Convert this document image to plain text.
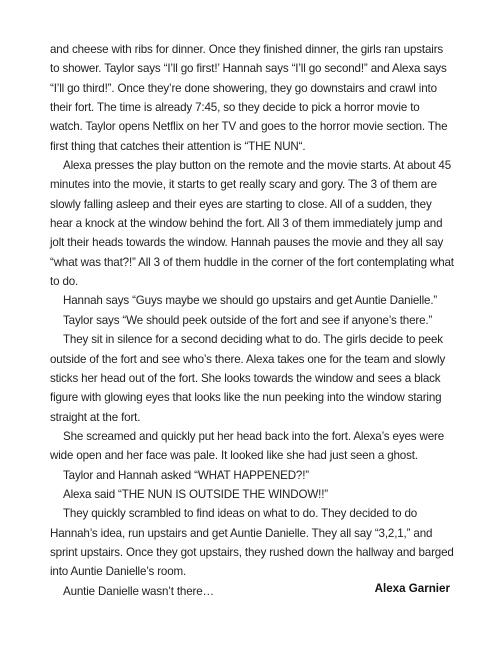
and cheese with ribs for dinner. Once they finished dinner, the girls ran upstairs to shower. Taylor says “I’ll go first!’ Hannah says “I’ll go second!” and Alexa says “I’ll go third!”. Once they’re done showering, they go downstairs and crawl into their fort. The time is already 7:45, so they decide to pick a horror movie to watch. Taylor opens Netflix on her TV and goes to the horror movie section. The first thing that catches their attention is “THE NUN“.

Alexa presses the play button on the remote and the movie starts. At about 45 minutes into the movie, it starts to get really scary and gory. The 3 of them are slowly falling asleep and their eyes are starting to close. All of a sudden, they hear a knock at the window behind the fort. All 3 of them immediately jump and jolt their heads towards the window. Hannah pauses the movie and they all say “what was that?!” All 3 of them huddle in the corner of the fort contemplating what to do.

Hannah says “Guys maybe we should go upstairs and get Auntie Danielle.”

Taylor says “We should peek outside of the fort and see if anyone’s there.”

They sit in silence for a second deciding what to do. The girls decide to peek outside of the fort and see who’s there. Alexa takes one for the team and slowly sticks her head out of the fort. She looks towards the window and sees a black figure with glowing eyes that looks like the nun peeking into the window staring straight at the fort.

She screamed and quickly put her head back into the fort. Alexa’s eyes were wide open and her face was pale. It looked like she had just seen a ghost.

Taylor and Hannah asked “WHAT HAPPENED?!”

Alexa said “THE NUN IS OUTSIDE THE WINDOW!!”

They quickly scrambled to find ideas on what to do. They decided to do Hannah’s idea, run upstairs and get Auntie Danielle. They all say “3,2,1,” and sprint upstairs. Once they got upstairs, they rushed down the hallway and barged into Auntie Danielle’s room.

Auntie Danielle wasn’t there…	Alexa Garnier
